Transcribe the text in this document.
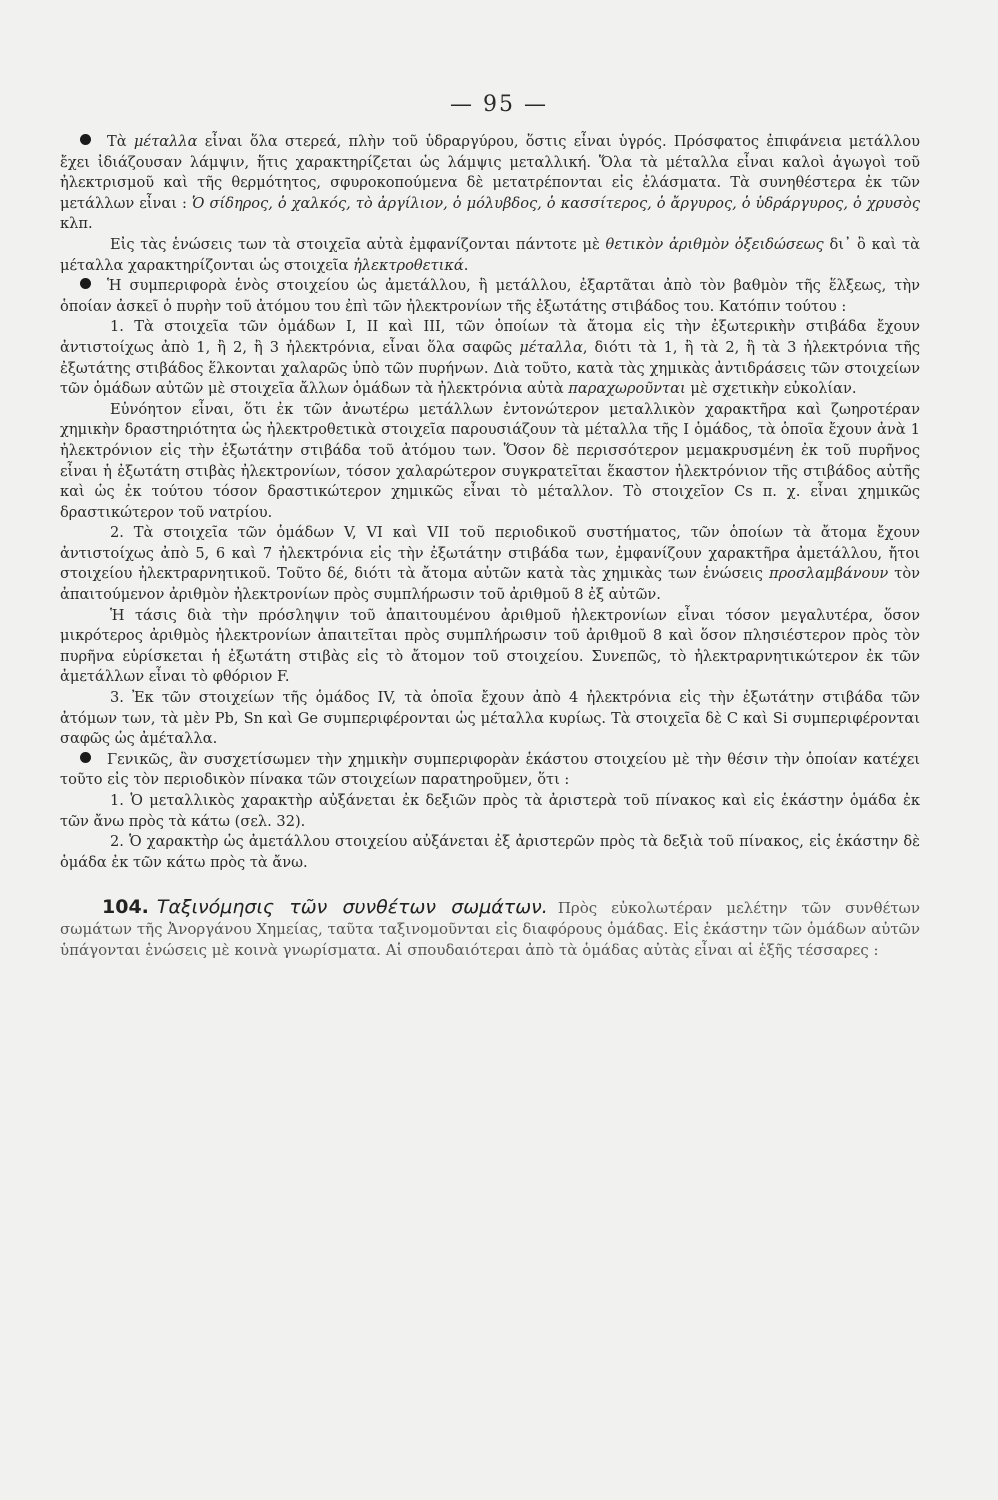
— 95 —

Τὰ μέταλλα εἶναι ὅλα στερεά, πλὴν τοῦ ὑδραργύρου, ὅστις εἶναι ὑγρός. Πρόσφατος ἐπιφάνεια μετάλλου ἔχει ἰδιάζουσαν λάμψιν, ἥτις χαρακτηρίζεται ὡς λάμψις μεταλλική. Ὅλα τὰ μέταλλα εἶναι καλοὶ ἀγωγοὶ τοῦ ἠλεκτρισμοῦ καὶ τῆς θερμότητος, σφυροκοπούμενα δὲ μετατρέπονται εἰς ἐλάσματα. Τὰ συνηθέστερα ἐκ τῶν μετάλλων εἶναι : Ὁ σίδηρος, ὁ χαλκός, τὸ ἀργίλιον, ὁ μόλυβδος, ὁ κασσίτερος, ὁ ἄργυρος, ὁ ὑδράργυρος, ὁ χρυσὸς κλπ.

Εἰς τὰς ἑνώσεις των τὰ στοιχεῖα αὐτὰ ἐμφανίζονται πάντοτε μὲ θετικὸν ἀριθμὸν ὀξειδώσεως δι᾽ ὃ καὶ τὰ μέταλλα χαρακτηρίζονται ὡς στοιχεῖα ἠλεκτροθετικά.

Ἡ συμπεριφορὰ ἑνὸς στοιχείου ὡς ἀμετάλλου, ἢ μετάλλου, ἐξαρτᾶται ἀπὸ τὸν βαθμὸν τῆς ἕλξεως, τὴν ὁποίαν ἀσκεῖ ὁ πυρὴν τοῦ ἀτόμου του ἐπὶ τῶν ἠλεκτρονίων τῆς ἐξωτάτης στιβάδος του. Κατόπιν τούτου :

1. Τὰ στοιχεῖα τῶν ὁμάδων I, II καὶ III, τῶν ὁποίων τὰ ἄτομα εἰς τὴν ἐξωτερικὴν στιβάδα ἔχουν ἀντιστοίχως ἀπὸ 1, ἢ 2, ἢ 3 ἠλεκτρόνια, εἶναι ὅλα σαφῶς μέταλλα, διότι τὰ 1, ἢ τὰ 2, ἢ τὰ 3 ἠλεκτρόνια τῆς ἐξωτάτης στιβάδος ἕλκονται χαλαρῶς ὑπὸ τῶν πυρήνων. Διὰ τοῦτο, κατὰ τὰς χημικὰς ἀντιδράσεις τῶν στοιχείων τῶν ὁμάδων αὐτῶν μὲ στοιχεῖα ἄλλων ὁμάδων τὰ ἠλεκτρόνια αὐτὰ παραχωροῦνται μὲ σχετικὴν εὐκολίαν.

Εὐνόητον εἶναι, ὅτι ἐκ τῶν ἀνωτέρω μετάλλων ἐντονώτερον μεταλλικὸν χαρακτῆρα καὶ ζωηροτέραν χημικὴν δραστηριότητα ὡς ἠλεκτροθετικὰ στοιχεῖα παρουσιάζουν τὰ μέταλλα τῆς I ὁμάδος, τὰ ὁποῖα ἔχουν ἀνὰ 1 ἠλεκτρόνιον εἰς τὴν ἐξωτάτην στιβάδα τοῦ ἀτόμου των. Ὅσον δὲ περισσότερον μεμακρυσμένη ἐκ τοῦ πυρῆνος εἶναι ἡ ἐξωτάτη στιβὰς ἠλεκτρονίων, τόσον χαλαρώτερον συγκρατεῖται ἕκαστον ἠλεκτρόνιον τῆς στιβάδος αὐτῆς καὶ ὡς ἐκ τούτου τόσον δραστικώτερον χημικῶς εἶναι τὸ μέταλλον. Τὸ στοιχεῖον Cs π. χ. εἶναι χημικῶς δραστικώτερον τοῦ νατρίου.

2. Τὰ στοιχεῖα τῶν ὁμάδων V, VI καὶ VII τοῦ περιοδικοῦ συστήματος, τῶν ὁποίων τὰ ἄτομα ἔχουν ἀντιστοίχως ἀπὸ 5, 6 καὶ 7 ἠλεκτρόνια εἰς τὴν ἐξωτάτην στιβάδα των, ἐμφανίζουν χαρακτῆρα ἀμετάλλου, ἤτοι στοιχείου ἠλεκτραρνητικοῦ. Τοῦτο δέ, διότι τὰ ἄτομα αὐτῶν κατὰ τὰς χημικὰς των ἑνώσεις προσλαμβάνουν τὸν ἀπαιτούμενον ἀριθμὸν ἠλεκτρονίων πρὸς συμπλήρωσιν τοῦ ἀριθμοῦ 8 ἐξ αὐτῶν.

Ἡ τάσις διὰ τὴν πρόσληψιν τοῦ ἀπαιτουμένου ἀριθμοῦ ἠλεκτρονίων εἶναι τόσον μεγαλυτέρα, ὅσον μικρότερος ἀριθμὸς ἠλεκτρονίων ἀπαιτεῖται πρὸς συμπλήρωσιν τοῦ ἀριθμοῦ 8 καὶ ὅσον πλησιέστερον πρὸς τὸν πυρῆνα εὑρίσκεται ἡ ἐξωτάτη στιβὰς εἰς τὸ ἄτομον τοῦ στοιχείου. Συνεπῶς, τὸ ἠλεκτραρνητικώτερον ἐκ τῶν ἀμετάλλων εἶναι τὸ φθόριον F.

3. Ἐκ τῶν στοιχείων τῆς ὁμάδος IV, τὰ ὁποῖα ἔχουν ἀπὸ 4 ἠλεκτρόνια εἰς τὴν ἐξωτάτην στιβάδα τῶν ἀτόμων των, τὰ μὲν Pb, Sn καὶ Ge συμπεριφέρονται ὡς μέταλλα κυρίως. Τὰ στοιχεῖα δὲ C καὶ Si συμπεριφέρονται σαφῶς ὡς ἀμέταλλα.

Γενικῶς, ἂν συσχετίσωμεν τὴν χημικὴν συμπεριφορὰν ἑκάστου στοιχείου μὲ τὴν θέσιν τὴν ὁποίαν κατέχει τοῦτο εἰς τὸν περιοδικὸν πίνακα τῶν στοιχείων παρατηροῦμεν, ὅτι :

1. Ὁ μεταλλικὸς χαρακτὴρ αὐξάνεται ἐκ δεξιῶν πρὸς τὰ ἀριστερὰ τοῦ πίνακος καὶ εἰς ἑκάστην ὁμάδα ἐκ τῶν ἄνω πρὸς τὰ κάτω (σελ. 32).

2. Ὁ χαρακτὴρ ὡς ἀμετάλλου στοιχείου αὐξάνεται ἐξ ἀριστερῶν πρὸς τὰ δεξιὰ τοῦ πίνακος, εἰς ἑκάστην δὲ ὁμάδα ἐκ τῶν κάτω πρὸς τὰ ἄνω.

104. Ταξινόμησις τῶν συνθέτων σωμάτων. Πρὸς εὐκολωτέραν μελέτην τῶν συνθέτων σωμάτων τῆς Ἀνοργάνου Χημείας, ταῦτα ταξινομοῦνται εἰς διαφόρους ὁμάδας. Εἰς ἑκάστην τῶν ὁμάδων αὐτῶν ὑπάγονται ἑνώσεις μὲ κοινὰ γνωρίσματα. Αἱ σπουδαιότεραι ἀπὸ τὰ ὁμάδας αὐτὰς εἶναι αἱ ἑξῆς τέσσαρες :
